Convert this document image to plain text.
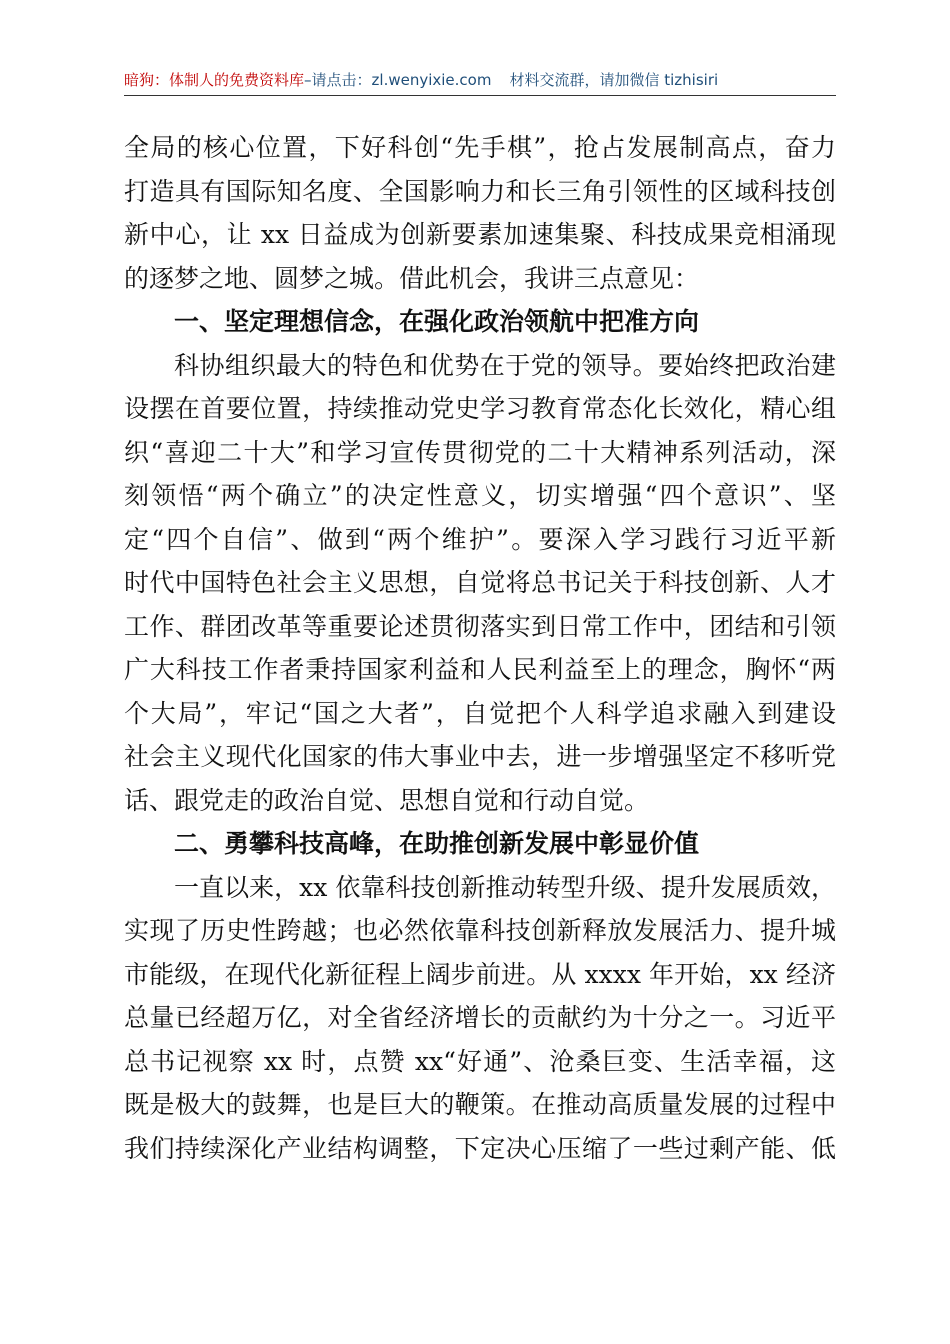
暗狗：体制人的免费资料库–请点击：zl.wenyixie.com 材料交流群，请加微信 tizhisiri
全局的核心位置，下好科创“先手棋”，抢占发展制高点，奋力
打造具有国际知名度、全国影响力和长三角引领性的区域科技创
新中心，让 xx 日益成为创新要素加速集聚、科技成果竞相涌现
的逐梦之地、圆梦之城。借此机会，我讲三点意见：
一、坚定理想信念，在强化政治领航中把准方向
科协组织最大的特色和优势在于党的领导。要始终把政治建
设摆在首要位置，持续推动党史学习教育常态化长效化，精心组
织“喜迎二十大”和学习宣传贯彻党的二十大精神系列活动，深
刻领悟“两个确立”的决定性意义，切实增强“四个意识”、坚
定“四个自信”、做到“两个维护”。要深入学习践行习近平新
时代中国特色社会主义思想，自觉将总书记关于科技创新、人才
工作、群团改革等重要论述贯彻落实到日常工作中，团结和引领
广大科技工作者秉持国家利益和人民利益至上的理念，胸怀“两
个大局”，牢记“国之大者”，自觉把个人科学追求融入到建设
社会主义现代化国家的伟大事业中去，进一步增强坚定不移听党
话、跟党走的政治自觉、思想自觉和行动自觉。
二、勇攀科技高峰，在助推创新发展中彰显价值
一直以来，xx 依靠科技创新推动转型升级、提升发展质效，
实现了历史性跨越；也必然依靠科技创新释放发展活力、提升城
市能级，在现代化新征程上阔步前进。从 xxxx 年开始，xx 经济
总量已经超万亿，对全省经济增长的贡献约为十分之一。习近平
总书记视察 xx 时，点赞 xx“好通”、沧桑巨变、生活幸福，这
既是极大的鼓舞，也是巨大的鞭策。在推动高质量发展的过程中
我们持续深化产业结构调整，下定决心压缩了一些过剩产能、低
